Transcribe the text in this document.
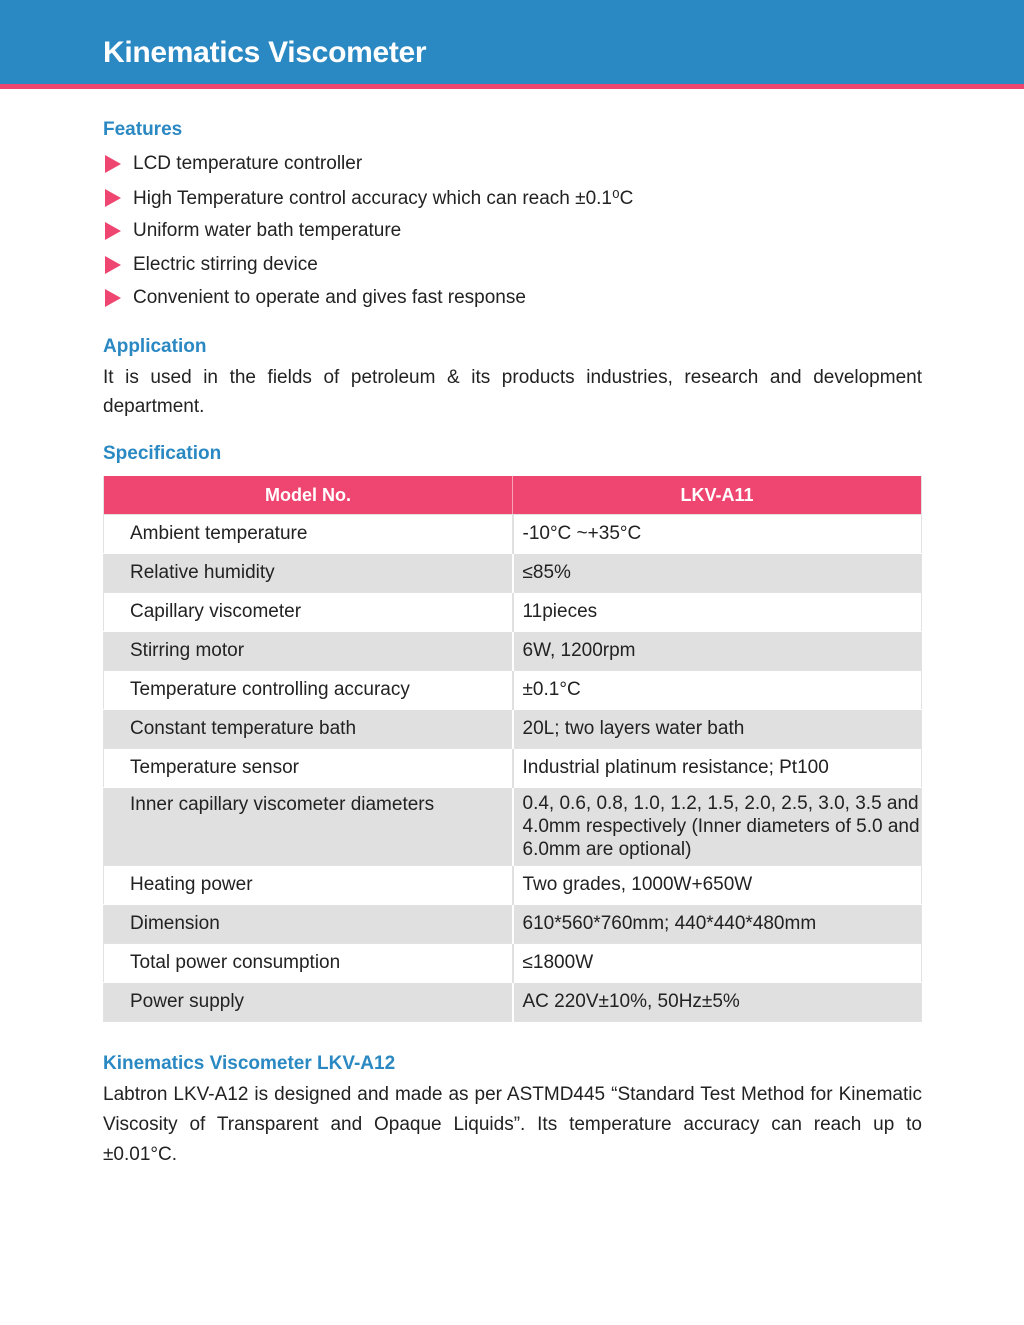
Kinematics Viscometer
Features
LCD temperature controller
High Temperature control accuracy which can reach ±0.1⁰C
Uniform water bath temperature
Electric stirring device
Convenient to operate and gives fast response
Application
It is used in the fields of petroleum & its products industries, research and development department.
Specification
Model No.	LKV-A11
Ambient temperature	-10°C ~+35°C
Relative humidity	≤85%
Capillary viscometer	11pieces
Stirring motor	6W, 1200rpm
Temperature controlling accuracy	±0.1°C
Constant temperature bath	20L; two layers water bath
Temperature sensor	Industrial platinum resistance; Pt100
Inner capillary viscometer diameters	0.4, 0.6, 0.8, 1.0, 1.2, 1.5, 2.0, 2.5, 3.0, 3.5 and 4.0mm respectively (Inner diameters of 5.0 and 6.0mm are optional)
Heating power	Two grades, 1000W+650W
Dimension	610*560*760mm; 440*440*480mm
Total power consumption	≤1800W
Power supply	AC 220V±10%, 50Hz±5%
Kinematics Viscometer LKV-A12
Labtron LKV-A12 is designed and made as per ASTMD445 “Standard Test Method for Kinematic Viscosity of Transparent and Opaque Liquids”. Its temperature accuracy can reach up to ±0.01°C.
